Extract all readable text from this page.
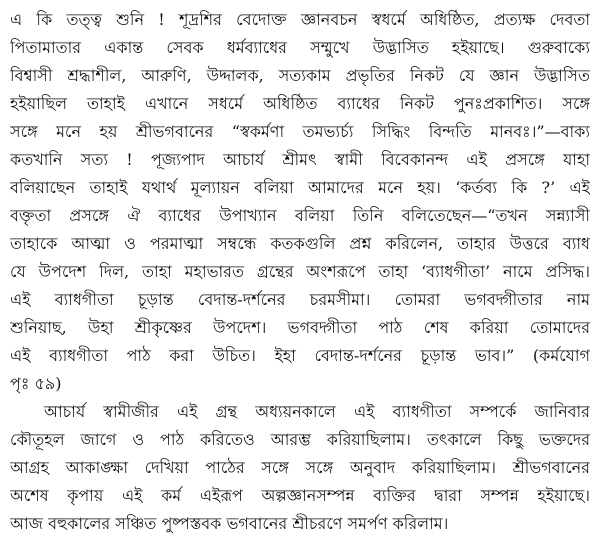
এ কি তত্ত্ব শুনি ! শূদ্রশির বেদোক্ত জ্ঞানবচন স্বধর্মে অধিষ্ঠিত, প্রত্যক্ষ দেবতা
পিতামাতার একান্ত সেবক ধর্মব্যাধের সম্মুখে উদ্ভাসিত হইয়াছে। গুরুবাক্যে
বিশ্বাসী শ্রদ্ধাশীল, আরুণি, উদ্দালক, সত্যকাম প্রভৃতির নিকট যে জ্ঞান উদ্ভাসিত
হইয়াছিল তাহাই এখানে সধর্মে অধিষ্ঠিত ব্যাধের নিকট পুনঃপ্রকাশিত। সঙ্গে
সঙ্গে মনে হয় শ্রীভগবানের “স্বকর্মণা তমভ্যর্চ্য সিদ্ধিং বিন্দতি মানবঃ।”—বাক্য
কতখানি সত্য ! পূজ্যপাদ আচার্য শ্রীমৎ স্বামী বিবেকানন্দ এই প্রসঙ্গে যাহা
বলিয়াছেন তাহাই যথার্থ মূল্যায়ন বলিয়া আমাদের মনে হয়। ‘কর্তব্য কি ?’ এই
বক্তৃতা প্রসঙ্গে ঐ ব্যাধের উপাখ্যান বলিয়া তিনি বলিতেছেন—“তখন সন্ন্যাসী
তাহাকে আত্মা ও পরমাত্মা সম্বন্ধে কতকগুলি প্রশ্ন করিলেন, তাহার উত্তরে ব্যাধ
যে উপদেশ দিল, তাহা মহাভারত গ্রন্থের অংশরূপে তাহা ‘ব্যাধগীতা’ নামে প্রসিদ্ধ।
এই ব্যাধগীতা চূড়ান্ত বেদান্ত-দর্শনের চরমসীমা। তোমরা ভগবদ্গীতার নাম
শুনিয়াছ, উহা শ্রীকৃষ্ণের উপদেশ। ভগবদ্গীতা পাঠ শেষ করিয়া তোমাদের
এই ব্যাধগীতা পাঠ করা উচিত। ইহা বেদান্ত-দর্শনের চূড়ান্ত ভাব।” (কর্মযোগ
পৃঃ ৫৯)
আচার্য স্বামীজীর এই গ্রন্থ অধ্যয়নকালে এই ব্যাধগীতা সম্পর্কে জানিবার
কৌতূহল জাগে ও পাঠ করিতেও আরম্ভ করিয়াছিলাম। তৎকালে কিছু ভক্তদের
আগ্রহ আকাঙ্ক্ষা দেখিয়া পাঠের সঙ্গে সঙ্গে অনুবাদ করিয়াছিলাম। শ্রীভগবানের
অশেষ কৃপায় এই কর্ম এইরূপ অল্পজ্ঞানসম্পন্ন ব্যক্তির দ্বারা সম্পন্ন হইয়াছে।
আজ বহুকালের সঞ্চিত পুষ্পস্তবক ভগবানের শ্রীচরণে সমর্পণ করিলাম।
